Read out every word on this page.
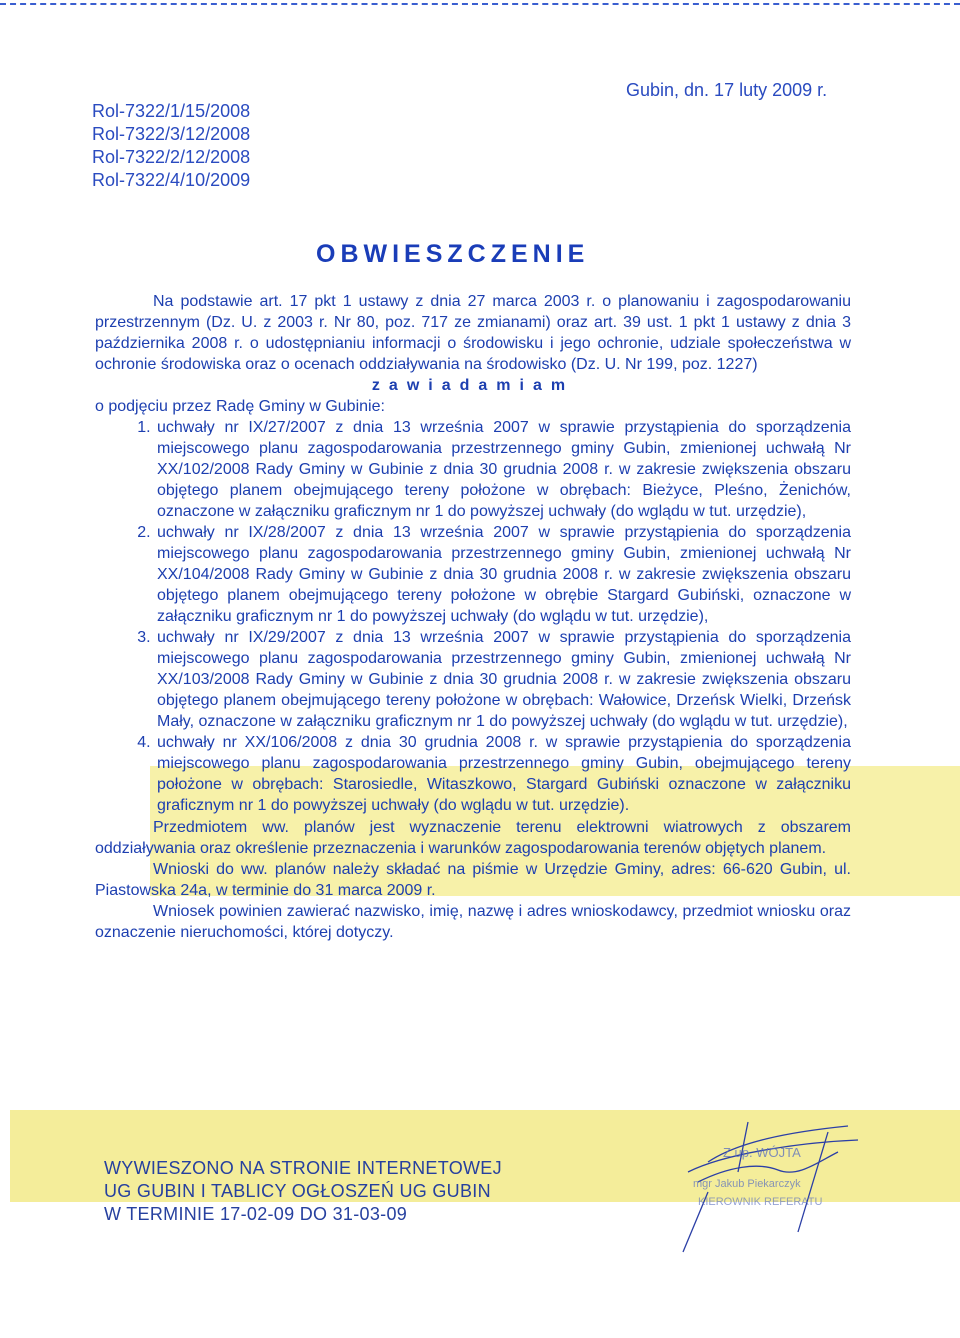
Rol-7322/1/15/2008
Rol-7322/3/12/2008
Rol-7322/2/12/2008
Rol-7322/4/10/2009
Gubin, dn. 17 luty 2009 r.
OBWIESZCZENIE

Na podstawie art. 17 pkt 1 ustawy z dnia 27 marca 2003 r. o planowaniu i zagospodarowaniu przestrzennym (Dz. U. z 2003 r. Nr 80, poz. 717 ze zmianami) oraz art. 39 ust. 1 pkt 1 ustawy z dnia 3 października 2008 r. o udostępnianiu informacji o środowisku i jego ochronie, udziale społeczeństwa w ochronie środowiska oraz o ocenach oddziaływania na środowisko (Dz. U. Nr 199, poz. 1227)

zawiadamiam

o podjęciu przez Radę Gminy w Gubinie:

1. uchwały nr IX/27/2007 z dnia 13 września 2007 w sprawie przystąpienia do sporządzenia miejscowego planu zagospodarowania przestrzennego gminy Gubin, zmienionej uchwałą Nr XX/102/2008 Rady Gminy w Gubinie z dnia 30 grudnia 2008 r. w zakresie zwiększenia obszaru objętego planem obejmującego tereny położone w obrębach: Bieżyce, Pleśno, Żenichów, oznaczone w załączniku graficznym nr 1 do powyższej uchwały (do wglądu w tut. urzędzie),
2. uchwały nr IX/28/2007 z dnia 13 września 2007 w sprawie przystąpienia do sporządzenia miejscowego planu zagospodarowania przestrzennego gminy Gubin, zmienionej uchwałą Nr XX/104/2008 Rady Gminy w Gubinie z dnia 30 grudnia 2008 r. w zakresie zwiększenia obszaru objętego planem obejmującego tereny położone w obrębie Stargard Gubiński, oznaczone w załączniku graficznym nr 1 do powyższej uchwały (do wglądu w tut. urzędzie),
3. uchwały nr IX/29/2007 z dnia 13 września 2007 w sprawie przystąpienia do sporządzenia miejscowego planu zagospodarowania przestrzennego gminy Gubin, zmienionej uchwałą Nr XX/103/2008 Rady Gminy w Gubinie z dnia 30 grudnia 2008 r. w zakresie zwiększenia obszaru objętego planem obejmującego tereny położone w obrębach: Wałowice, Drzeńsk Wielki, Drzeńsk Mały, oznaczone w załączniku graficznym nr 1 do powyższej uchwały (do wglądu w tut. urzędzie),
4. uchwały nr XX/106/2008 z dnia 30 grudnia 2008 r. w sprawie przystąpienia do sporządzenia miejscowego planu zagospodarowania przestrzennego gminy Gubin, obejmującego tereny położone w obrębach: Starosiedle, Witaszkowo, Stargard Gubiński oznaczone w załączniku graficznym nr 1 do powyższej uchwały (do wglądu w tut. urzędzie).

Przedmiotem ww. planów jest wyznaczenie terenu elektrowni wiatrowych z obszarem oddziaływania oraz określenie przeznaczenia i warunków zagospodarowania terenów objętych planem.

Wnioski do ww. planów należy składać na piśmie w Urzędzie Gminy, adres: 66-620 Gubin, ul. Piastowska 24a, w terminie do 31 marca 2009 r.

Wniosek powinien zawierać nazwisko, imię, nazwę i adres wnioskodawcy, przedmiot wniosku oraz oznaczenie nieruchomości, której dotyczy.

WYWIESZONO NA STRONIE INTERNETOWEJ
UG GUBIN I TABLICY OGŁOSZEŃ UG GUBIN
W TERMINIE 17-02-09 DO 31-03-09
Z up. WÓJTA
mgr Jakub Piekarczyk
KIEROWNIK REFERATU
